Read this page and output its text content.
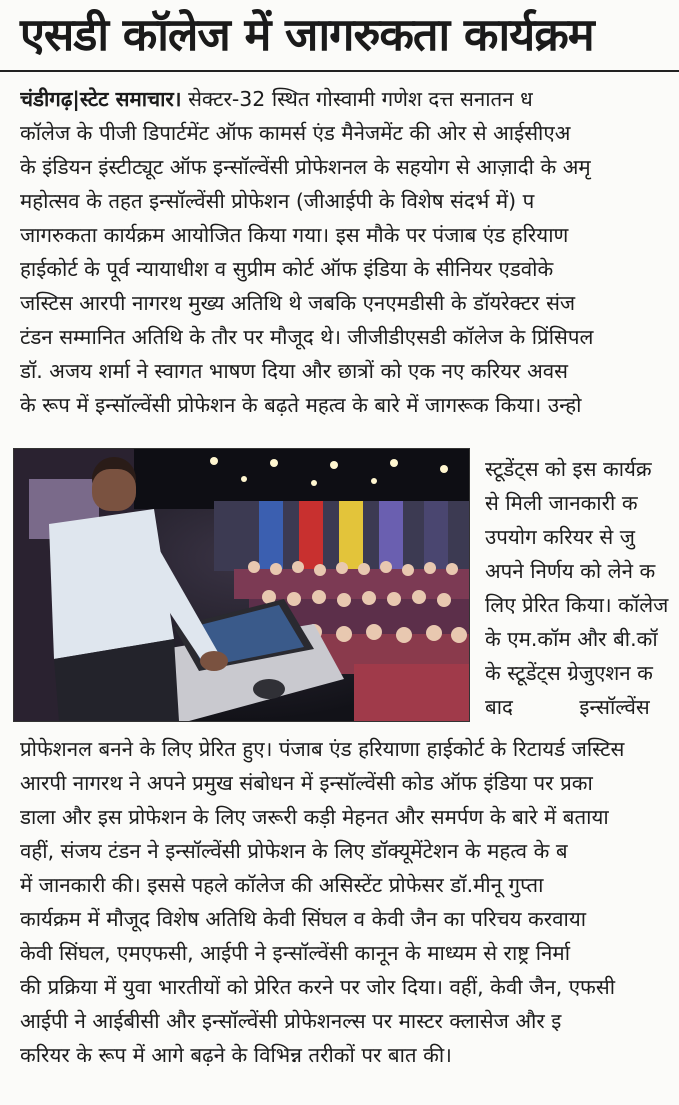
एसडी कॉलेज में जागरुकता कार्यक्रम
चंडीगढ़|स्टेट समाचार। सेक्टर-32 स्थित गोस्वामी गणेश दत्त सनातन ध
कॉलेज के पीजी डिपार्टमेंट ऑफ कामर्स एंड मैनेजमेंट की ओर से आईसीएअ
के इंडियन इंस्टीट्यूट ऑफ इन्सॉल्वेंसी प्रोफेशनल के सहयोग से आज़ादी के अमृ
महोत्सव के तहत इन्सॉल्वेंसी प्रोफेशन (जीआईपी के विशेष संदर्भ में) प
जागरुकता कार्यक्रम आयोजित किया गया। इस मौके पर पंजाब एंड हरियाण
हाईकोर्ट के पूर्व न्यायाधीश व सुप्रीम कोर्ट ऑफ इंडिया के सीनियर एडवोके
जस्टिस आरपी नागरथ मुख्य अतिथि थे जबकि एनएमडीसी के डॉयरेक्टर संज
टंडन सम्मानित अतिथि के तौर पर मौजूद थे। जीजीडीएसडी कॉलेज के प्रिंसिपल
डॉ. अजय शर्मा ने स्वागत भाषण दिया और छात्रों को एक नए करियर अवस
के रूप में इन्सॉल्वेंसी प्रोफेशन के बढ़ते महत्व के बारे में जागरूक किया। उन्हो
स्टूडेंट्स को इस कार्यक्र
से मिली जानकारी क
उपयोग करियर से जु
अपने निर्णय को लेने क
लिए प्रेरित किया। कॉलेज
के एम.कॉम और बी.कॉ
के स्टूडेंट्स ग्रेजुएशन क
बाद इन्सॉल्वेंस
प्रोफेशनल बनने के लिए प्रेरित हुए। पंजाब एंड हरियाणा हाईकोर्ट के रिटायर्ड जस्टिस
आरपी नागरथ ने अपने प्रमुख संबोधन में इन्सॉल्वेंसी कोड ऑफ इंडिया पर प्रका
डाला और इस प्रोफेशन के लिए जरूरी कड़ी मेहनत और समर्पण के बारे में बताया
वहीं, संजय टंडन ने इन्सॉल्वेंसी प्रोफेशन के लिए डॉक्यूमेंटेशन के महत्व के ब
में जानकारी की। इससे पहले कॉलेज की असिस्टेंट प्रोफेसर डॉ.मीनू गुप्ता
कार्यक्रम में मौजूद विशेष अतिथि केवी सिंघल व केवी जैन का परिचय करवाया
केवी सिंघल, एमएफसी, आईपी ने इन्सॉल्वेंसी कानून के माध्यम से राष्ट्र निर्मा
की प्रक्रिया में युवा भारतीयों को प्रेरित करने पर जोर दिया। वहीं, केवी जैन, एफसी
आईपी ने आईबीसी और इन्सॉल्वेंसी प्रोफेशनल्स पर मास्टर क्लासेज और इ
करियर के रूप में आगे बढ़ने के विभिन्न तरीकों पर बात की।
